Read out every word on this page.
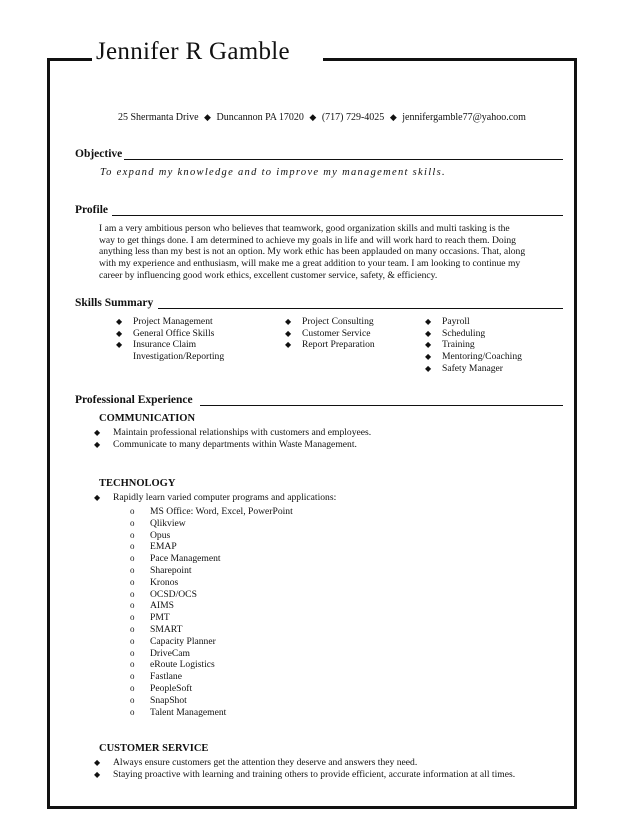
Jennifer R Gamble
25 Shermanta Drive ◆ Duncannon PA 17020 ◆ (717) 729-4025 ◆ jennifergamble77@yahoo.com
Objective
To expand my knowledge and to improve my management skills.
Profile
I am a very ambitious person who believes that teamwork, good organization skills and multi tasking is the
way to get things done. I am determined to achieve my goals in life and will work hard to reach them. Doing
anything less than my best is not an option. My work ethic has been applauded on many occasions. That, along
with my experience and enthusiasm, will make me a great addition to your team. I am looking to continue my
career by influencing good work ethics, excellent customer service, safety, & efficiency.
Skills Summary
◆ Project Management
◆ General Office Skills
◆ Insurance Claim
Investigation/Reporting
◆ Project Consulting
◆ Customer Service
◆ Report Preparation
◆ Payroll
◆ Scheduling
◆ Training
◆ Mentoring/Coaching
◆ Safety Manager
Professional Experience
COMMUNICATION
◆ Maintain professional relationships with customers and employees.
◆ Communicate to many departments within Waste Management.
TECHNOLOGY
◆ Rapidly learn varied computer programs and applications:
o MS Office: Word, Excel, PowerPoint
o Qlikview
o Opus
o EMAP
o Pace Management
o Sharepoint
o Kronos
o OCSD/OCS
o AIMS
o PMT
o SMART
o Capacity Planner
o DriveCam
o eRoute Logistics
o Fastlane
o PeopleSoft
o SnapShot
o Talent Management
CUSTOMER SERVICE
◆ Always ensure customers get the attention they deserve and answers they need.
◆ Staying proactive with learning and training others to provide efficient, accurate information at all times.
